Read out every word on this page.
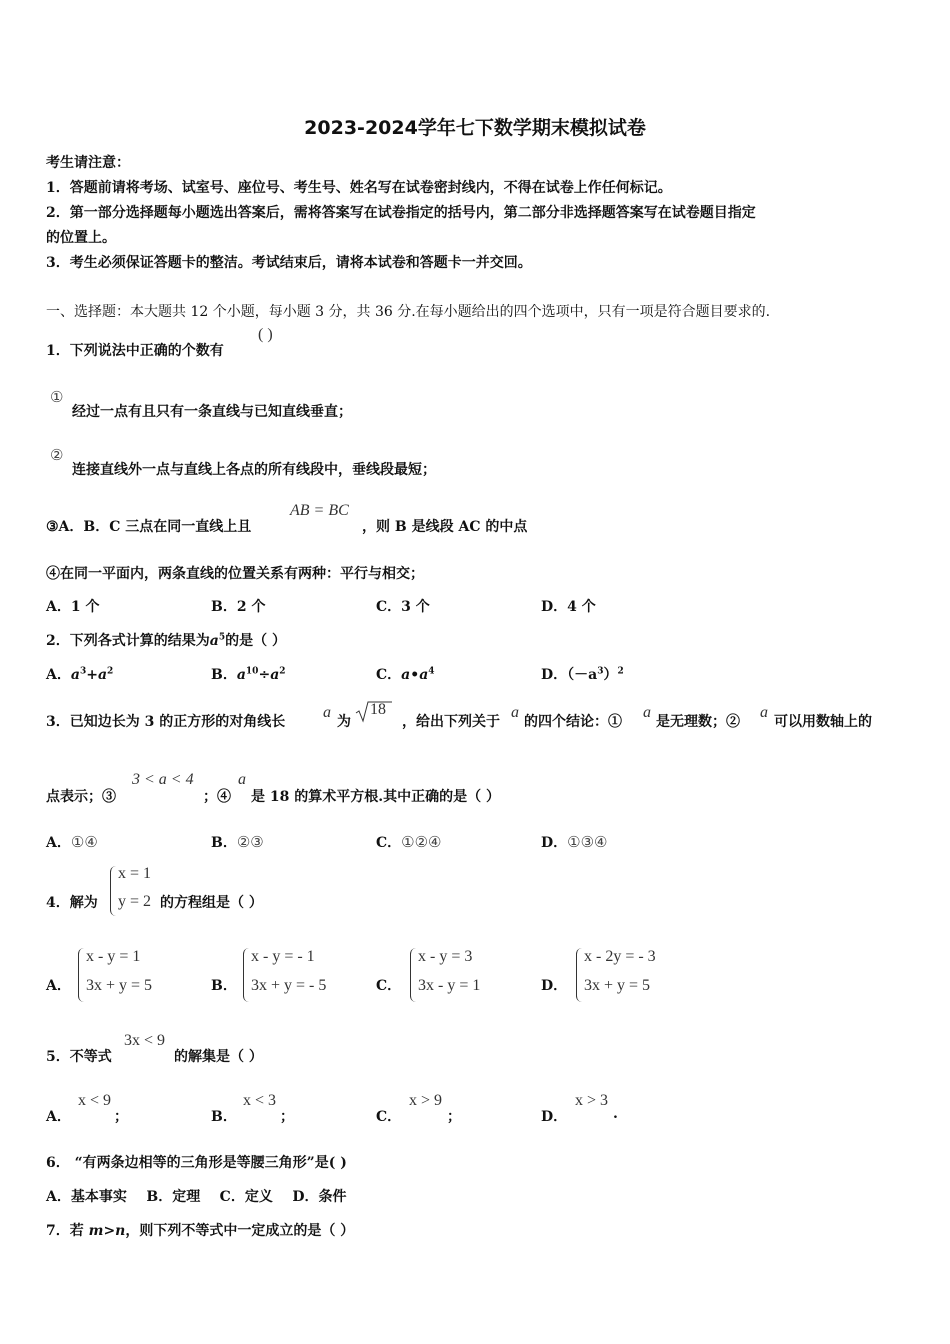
2023-2024学年七下数学期末模拟试卷
考生请注意：
1．答题前请将考场、试室号、座位号、考生号、姓名写在试卷密封线内，不得在试卷上作任何标记。
2．第一部分选择题每小题选出答案后，需将答案写在试卷指定的括号内，第二部分非选择题答案写在试卷题目指定
的位置上。
3．考生必须保证答题卡的整洁。考试结束后，请将本试卷和答题卡一并交回。
一、选择题：本大题共 12 个小题，每小题 3 分，共 36 分.在每小题给出的四个选项中，只有一项是符合题目要求的.
1．下列说法中正确的个数有
( )
①
经过一点有且只有一条直线与已知直线垂直；
②
连接直线外一点与直线上各点的所有线段中，垂线段最短；
③A．B．C 三点在同一直线上且
AB = BC
，则 B 是线段 AC 的中点
④在同一平面内，两条直线的位置关系有两种：平行与相交；
A．1 个	B．2 个	C．3 个	D．4 个
2．下列各式计算的结果为$a^5$的是（ ）
A．$a^3+a^2$	B．$a^{10}\div a^2$	C．$a•a^4$	D．$(-a^3)^2$
3．已知边长为 3 的正方形的对角线长
a
为
18
，给出下列关于
a
的四个结论：①
a
是无理数；②
a
可以用数轴上的
点表示；③
3 < a < 4
；④
a
是 18 的算术平方根.其中正确的是（ ）
A．①④	B．②③	C．①②④	D．①③④
4．解为
x = 1
y = 2 的方程组是（ ）
A．
x - y = 1
3x + y = 5	B．
x - y = - 1
3x + y = - 5	C．
x - y = 3
3x - y = 1	D．
x - 2y = - 3
3x + y = 5
5．不等式
3x < 9
的解集是（ ）
A．
x < 9
；	B．
x < 3
；	C．
x > 9
；	D．
x > 3
.
6． “有两条边相等的三角形是等腰三角形”是( )
A．基本事实    B．定理    C．定义    D．条件
7．若 m>n，则下列不等式中一定成立的是（ ）
